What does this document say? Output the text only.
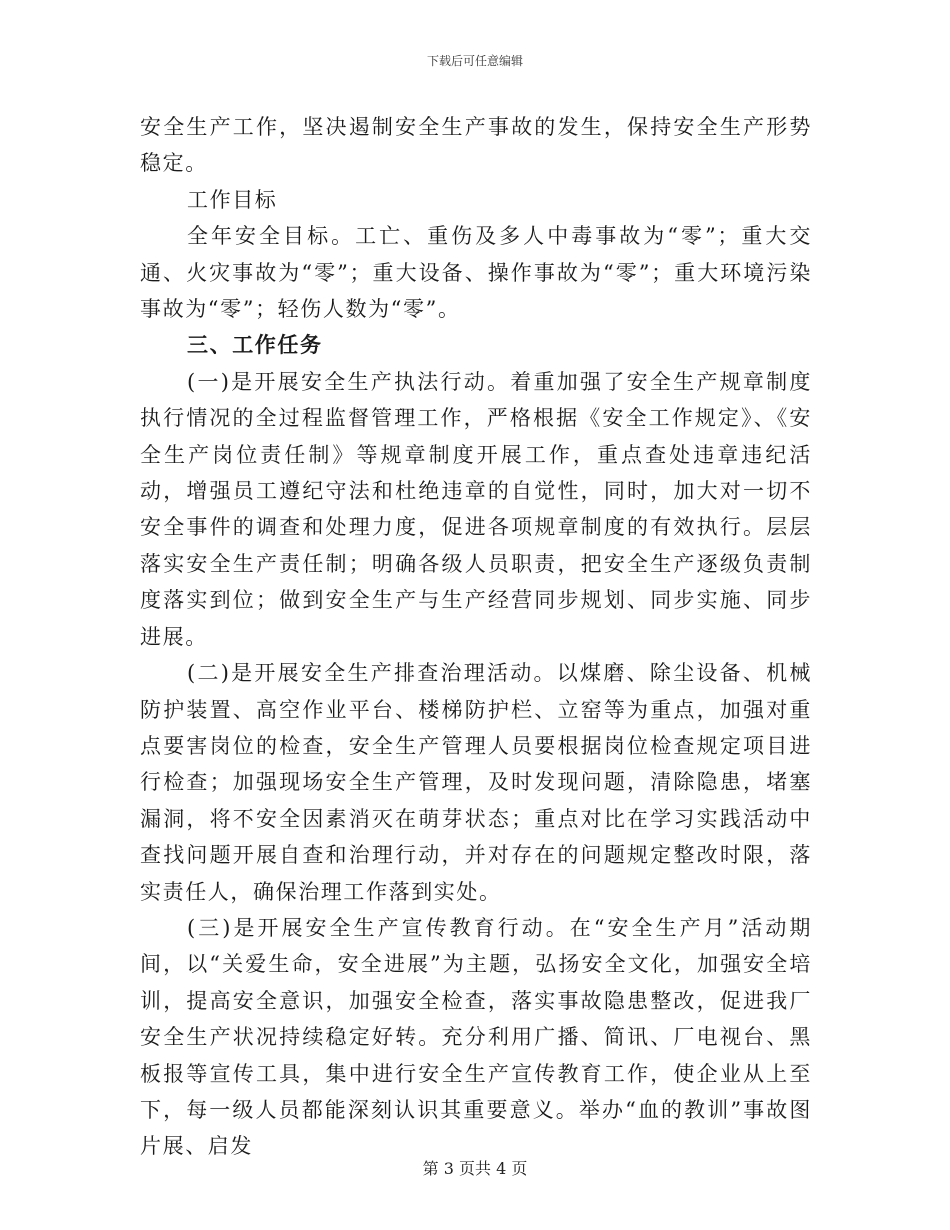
下载后可任意编辑

安全生产工作，坚决遏制安全生产事故的发生，保持安全生产形势稳定。

工作目标

全年安全目标。工亡、重伤及多人中毒事故为“零”；重大交通、火灾事故为“零”；重大设备、操作事故为“零”；重大环境污染事故为“零”；轻伤人数为“零”。

三、工作任务

(一)是开展安全生产执法行动。着重加强了安全生产规章制度执行情况的全过程监督管理工作，严格根据《安全工作规定》、《安全生产岗位责任制》等规章制度开展工作，重点查处违章违纪活动，增强员工遵纪守法和杜绝违章的自觉性，同时，加大对一切不安全事件的调查和处理力度，促进各项规章制度的有效执行。层层落实安全生产责任制；明确各级人员职责，把安全生产逐级负责制度落实到位；做到安全生产与生产经营同步规划、同步实施、同步进展。

(二)是开展安全生产排查治理活动。以煤磨、除尘设备、机械防护装置、高空作业平台、楼梯防护栏、立窑等为重点，加强对重点要害岗位的检查，安全生产管理人员要根据岗位检查规定项目进行检查；加强现场安全生产管理，及时发现问题，清除隐患，堵塞漏洞，将不安全因素消灭在萌芽状态；重点对比在学习实践活动中查找问题开展自查和治理行动，并对存在的问题规定整改时限，落实责任人，确保治理工作落到实处。

(三)是开展安全生产宣传教育行动。在“安全生产月”活动期间，以“关爱生命，安全进展”为主题，弘扬安全文化，加强安全培训，提高安全意识，加强安全检查，落实事故隐患整改，促进我厂安全生产状况持续稳定好转。充分利用广播、简讯、厂电视台、黑板报等宣传工具，集中进行安全生产宣传教育工作，使企业从上至下，每一级人员都能深刻认识其重要意义。举办“血的教训”事故图片展、启发

第 3 页共 4 页
